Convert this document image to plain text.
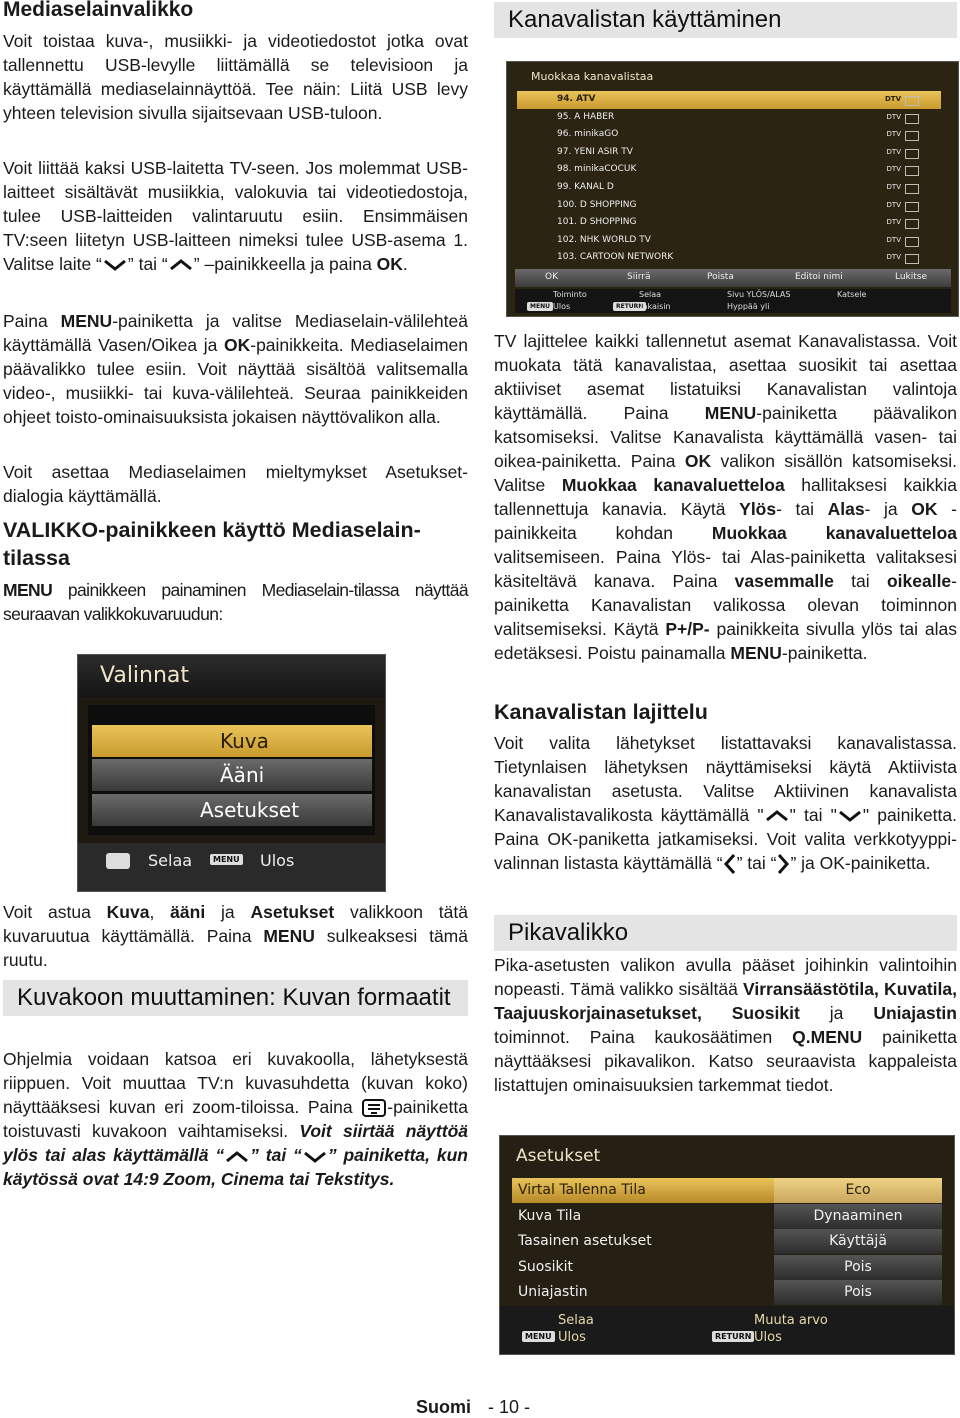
Mediaselainvalikko

Voit toistaa kuva-, musiikki- ja videotiedostot jotka ovat tallennettu USB-levylle liittämällä se televisioon ja käyttämällä mediaselainnäyttöä. Tee näin: Liitä USB levy yhteen television sivulla sijaitsevaan USB-tuloon.

Voit liittää kaksi USB-laitetta TV-seen. Jos molemmat USB-laitteet sisältävät musiikkia, valokuvia tai videotiedostoja, tulee USB-laitteiden valintaruutu esiin. Ensimmäisen TV:seen liitetyn USB-laitteen nimeksi tulee USB-asema 1. Valitse laite “ ” tai “ ” –painikkeella ja paina OK.

Paina MENU-painiketta ja valitse Mediaselain-välilehteä käyttämällä Vasen/Oikea ja OK-painikkeita. Mediaselaimen päävalikko tulee esiin. Voit näyttää sisältöä valitsemalla video-, musiikki- tai kuva-välilehteä. Seuraa painikkeiden ohjeet toisto-ominaisuuksista jokaisen näyttövalikon alla.

Voit asettaa Mediaselaimen mieltymykset Asetukset-dialogia käyttämällä.

VALIKKO-painikkeen käyttö Mediaselain-tilassa

MENU painikkeen painaminen Mediaselain-tilassa näyttää seuraavan valikkokuvaruudun:

Voit astua Kuva, ääni ja Asetukset valikkoon tätä kuvaruutua käyttämällä. Paina MENU sulkeaksesi tämä ruutu.

Kuvakoon muuttaminen: Kuvan formaatit

Ohjelmia voidaan katsoa eri kuvakoolla, lähetyksestä riippuen. Voit muuttaa TV:n kuvasuhdetta (kuvan koko) näyttääksesi kuvan eri zoom-tiloissa. Paina -painiketta toistuvasti kuvakoon vaihtamiseksi. Voit siirtää näyttöä ylös tai alas käyttämällä “ ” tai “ ” painiketta, kun käytössä ovat 14:9 Zoom, Cinema tai Tekstitys.

Valinnat
Kuva
Ääni
Asetukset
Selaa	MENU Ulos
Kanavalistan käyttäminen

TV lajittelee kaikki tallennetut asemat Kanavalistassa. Voit muokata tätä kanavalistaa, asettaa suosikit tai asettaa aktiiviset asemat listatuiksi Kanavalistan valintoja käyttämällä. Paina MENU-painiketta päävalikon katsomiseksi. Valitse Kanavalista käyttämällä vasen- tai oikea-painiketta. Paina OK valikon sisällön katsomiseksi. Valitse Muokkaa kanavaluetteloa hallitaksesi kaikkia tallennettuja kanavia. Käytä Ylös- tai Alas- ja OK -painikkeita kohdan Muokkaa kanavaluetteloa valitsemiseen. Paina Ylös- tai Alas-painiketta valitaksesi käsiteltävä kanava. Paina vasemmalle tai oikealle-painiketta Kanavalistan valikossa olevan toiminnon valitsemiseksi. Käytä P+/P- painikkeita sivulla ylös tai alas edetäksesi. Poistu painamalla MENU-painiketta.

Kanavalistan lajittelu

Voit valita lähetykset listattavaksi kanavalistassa. Tietynlaisen lähetyksen näyttämiseksi käytä Aktiivista kanavalistan asetusta. Valitse Aktiivinen kanavalista Kanavalistavalikosta käyttämällä " " tai " " painiketta. Paina OK-paniketta jatkamiseksi. Voit valita verkkotyyppi-valinnan listasta käyttämällä “ ” tai “ ” ja OK-painiketta.

Pikavalikko

Pika-asetusten valikon avulla pääset joihinkin valintoihin nopeasti. Tämä valikko sisältää Virransäästötila, Kuvatila, Taajuuskorjainasetukset, Suosikit ja Uniajastin toiminnot. Paina kaukosäätimen Q.MENU painiketta näyttääksesi pikavalikon. Katso seuraavista kappaleista listattujen ominaisuuksien tarkemmat tiedot.

Muokkaa kanavalistaa
94. ATV	DTV
95. A HABER	DTV
96. minikaGO	DTV
97. YENI ASIR TV	DTV
98. minikaCOCUK	DTV
99. KANAL D	DTV
100. D SHOPPING	DTV
101. D SHOPPING	DTV
102. NHK WORLD TV	DTV
103. CARTOON NETWORK	DTV
OK	Siirrä	Poista	Editoi nimi	Lukitse
MENU	RETURN
Toiminto	Selaa	Sivu YLÖS/ALAS	Katsele
Ulos	Takaisin	Hyppää yli
Asetukset
Virtal Tallenna Tila	Eco
Kuva Tila	Dynaaminen
Tasainen asetukset	Käyttäjä
Suosikit	Pois
Uniajastin	Pois
MENU	RETURN
Selaa
Ulos
Muuta arvo
Ulos
Suomi - 10 -
